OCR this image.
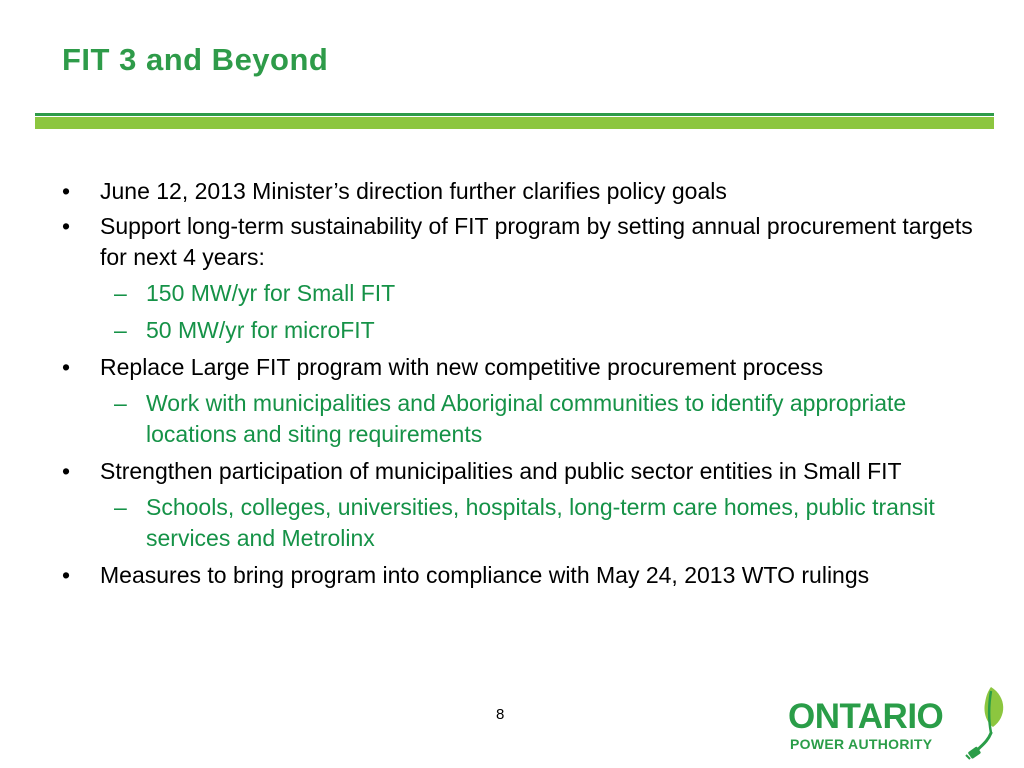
FIT 3 and Beyond
• June 12, 2013 Minister’s direction further clarifies policy goals
• Support long-term sustainability of FIT program by setting annual procurement targets for next 4 years:
– 150 MW/yr for Small FIT
– 50 MW/yr for microFIT
• Replace Large FIT program with new competitive procurement process
– Work with municipalities and Aboriginal communities to identify appropriate locations and siting requirements
• Strengthen participation of municipalities and public sector entities in Small FIT
– Schools, colleges, universities, hospitals, long-term care homes, public transit services and Metrolinx
• Measures to bring program into compliance with May 24, 2013 WTO rulings
8	ONTARIO
POWER AUTHORITY
